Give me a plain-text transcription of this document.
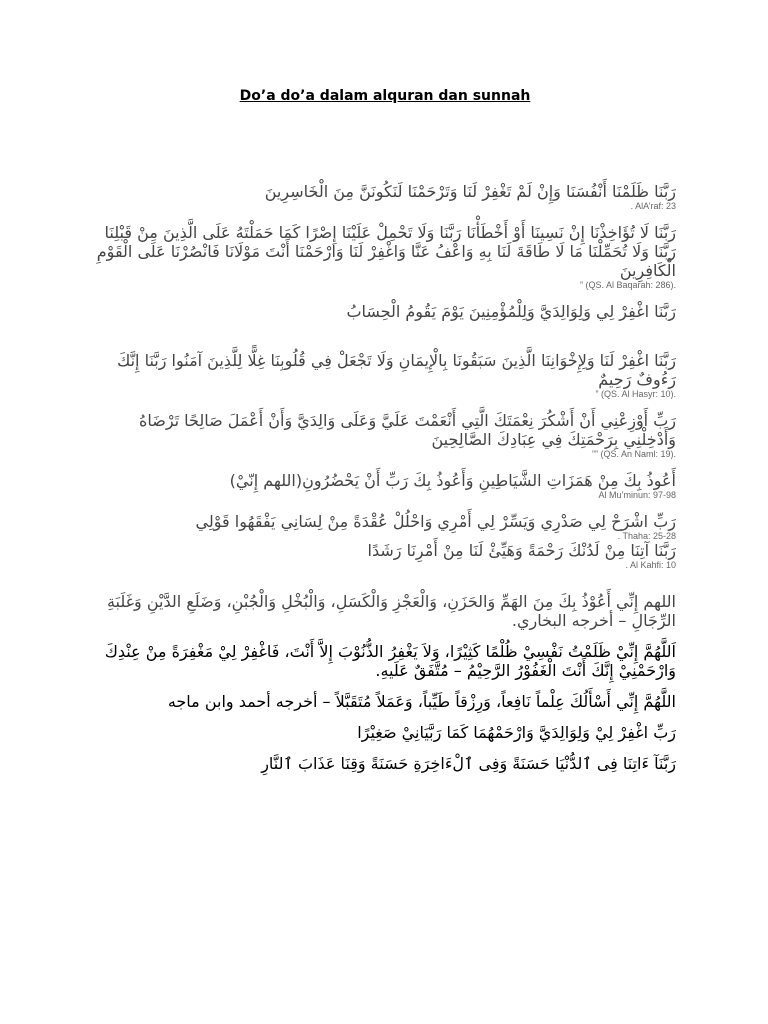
Do’a do’a dalam alquran dan sunnah

رَبَّنَا ظَلَمْنَا أَنْفُسَنَا وَإِنْ لَمْ تَغْفِرْ لَنَا وَتَرْحَمْنَا لَنَكُونَنَّ مِنَ الْخَاسِرِينَ

. AlA’raf: 23

رَبَّنَا لَا تُؤَاخِذْنَا إِنْ نَسِينَا أَوْ أَخْطَأْنَا رَبَّنَا وَلَا تَحْمِلْ عَلَيْنَا إِصْرًا كَمَا حَمَلْتَهُ عَلَى الَّذِينَ مِنْ قَبْلِنَا رَبَّنَا وَلَا تُحَمِّلْنَا مَا لَا طَاقَةَ لَنَا بِهِ وَاعْفُ عَنَّا وَاغْفِرْ لَنَا وَارْحَمْنَا أَنْتَ مَوْلَانَا فَانْصُرْنَا عَلَى الْقَوْمِ الْكَافِرِينَ

” (QS. Al Baqarah: 286).

رَبَّنَا اغْفِرْ لِي وَلِوَالِدَيَّ وَلِلْمُؤْمِنِينَ يَوْمَ يَقُومُ الْحِسَابُ

رَبَّنَا اغْفِرْ لَنَا وَلِإِخْوَانِنَا الَّذِينَ سَبَقُونَا بِالْإِيمَانِ وَلَا تَجْعَلْ فِي قُلُوبِنَا غِلًّا لِلَّذِينَ آمَنُوا رَبَّنَا إِنَّكَ رَءُوفٌ رَحِيمٌ

” (QS. Al Hasyr: 10).

رَبِّ أَوْزِعْنِي أَنْ أَشْكُرَ نِعْمَتَكَ الَّتِي أَنْعَمْتَ عَلَيَّ وَعَلَى وَالِدَيَّ وَأَنْ أَعْمَلَ صَالِحًا تَرْضَاهُ وَأَدْخِلْنِي بِرَحْمَتِكَ فِي عِبَادِكَ الصَّالِحِينَ

”” (QS. An Naml: 19).

أَعُوذُ بِكَ مِنْ هَمَزَاتِ الشَّيَاطِينِ وَأَعُوذُ بِكَ رَبِّ أَنْ يَحْضُرُونِ(اللهم إِنّيْ)

Al Mu’minun: 97-98

رَبِّ اشْرَحْ لِي صَدْرِي وَيَسِّرْ لِي أَمْرِي وَاحْلُلْ عُقْدَةً مِنْ لِسَانِي يَفْقَهُوا قَوْلِي

. Thaha: 25-28

رَبَّنَا آتِنَا مِنْ لَدُنْكَ رَحْمَةً وَهَيِّئْ لَنَا مِنْ أَمْرِنَا رَشَدًا

. Al Kahfi: 10

اللهم إِنِّي أَعُوْذُ بِكَ مِنَ الهَمِّ وَالحَزَنِ، وَالْعَجْزِ وَالْكَسَلِ، وَالْبُخْلِ وَالْجُبْنِ، وَضَلَعِ الدَّيْنِ وَغَلَبَةِ الرِّجَالِ – أخرجه البخاري.

اَللَّهُمَّ إِنِّيْ ظَلَمْتُ نَفْسِيْ ظُلْمًا كَثِيْرًا، وَلاَ يَغْفِرُ الذُّنُوْبَ إِلاَّ أَنْتَ، فَاغْفِرْ لِيْ مَغْفِرَةً مِنْ عِنْدِكَ وَارْحَمْنِيْ إِنَّكَ أَنْتَ الْغَفُوْرُ الرَّحِيْمُ – مُتَّفَقٌ عَلَيهِ.

اللَّهُمَّ إِنِّي أَسْأَلُكَ عِلْماً نَافِعاً، وَرِزْقاً طَيِّباً، وَعَمَلاً مُتَقَبَّلاً – أخرجه أحمد وابن ماجه

رَبِّ اغْفِرْ لِيْ وَلِوَالِدَيَّ وَارْحَمْهُمَا كَمَا رَبَّيَانِيْ صَغِيْرًا

رَبَّنَآ ءَاتِنَا فِى ٱلدُّنْيَا حَسَنَةً وَفِى ٱلْءَاخِرَةِ حَسَنَةً وَقِنَا عَذَابَ ٱلنَّارِ
